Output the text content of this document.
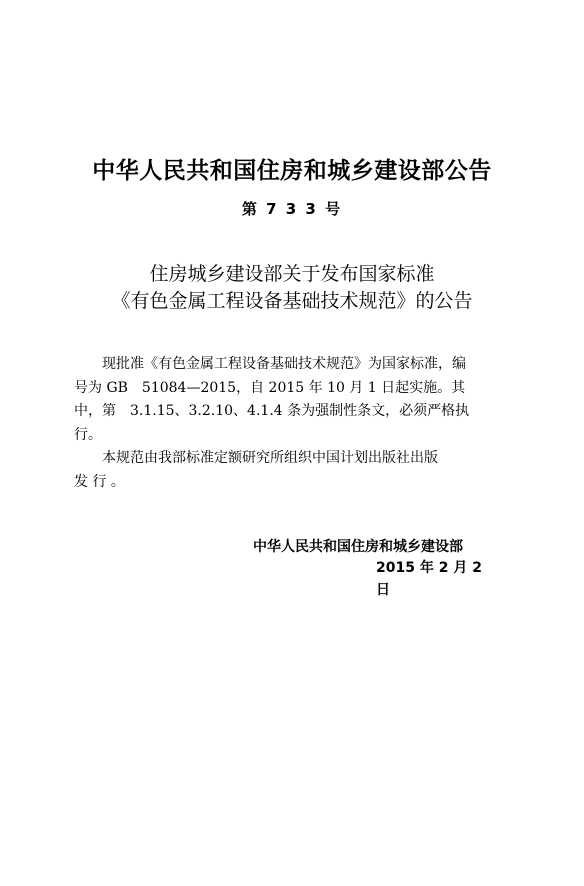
中华人民共和国住房和城乡建设部公告
第 7 3 3 号
住房城乡建设部关于发布国家标准
《有色金属工程设备基础技术规范》的公告
　　现批准《有色金属工程设备基础技术规范》为国家标准，编
号为 GB　51084—2015，自 2015 年 10 月 1 日起实施。其
中，第　3.1.15、3.2.10、4.1.4 条为强制性条文，必须严格执
行。
　　本规范由我部标准定额研究所组织中国计划出版社出版
发 行 。
中华人民共和国住房和城乡建设部
2015 年 2 月 2
日
